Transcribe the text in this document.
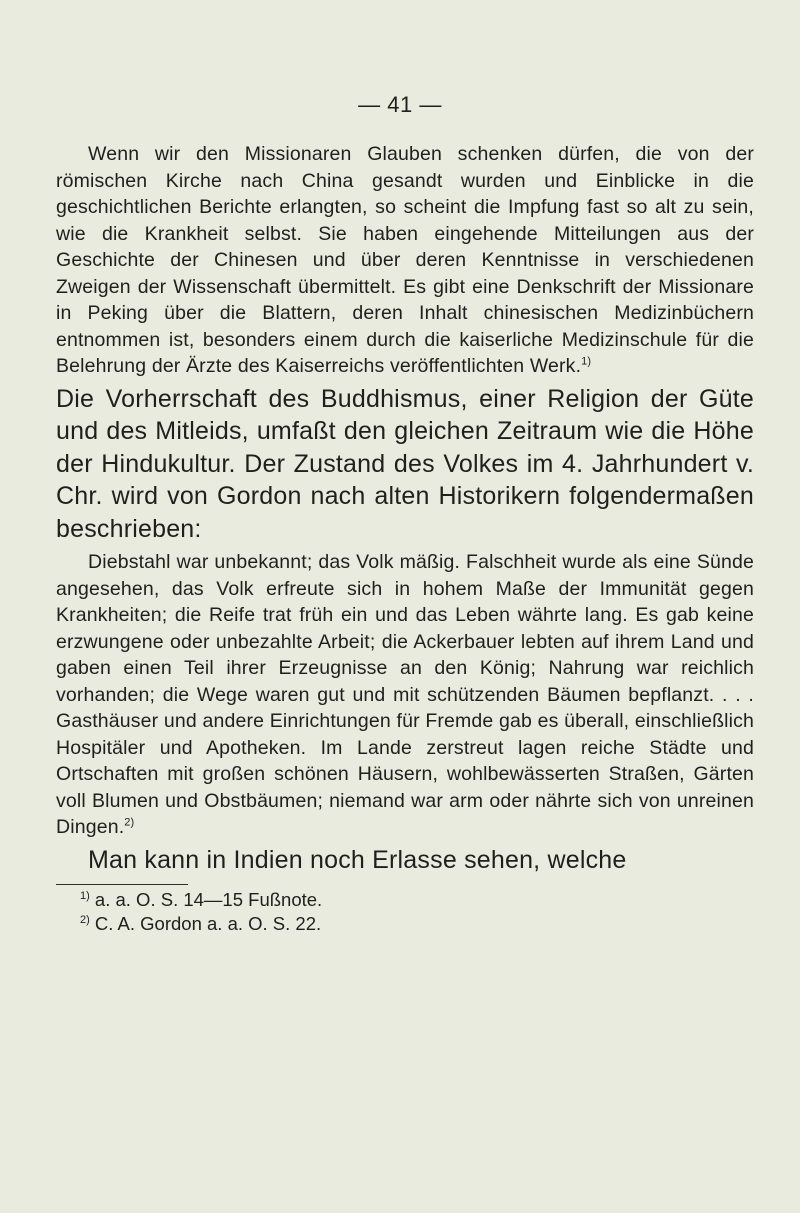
— 41 —

Wenn wir den Missionaren Glauben schenken dürfen, die von der römischen Kirche nach China gesandt wurden und Einblicke in die geschichtlichen Berichte erlangten, so scheint die Impfung fast so alt zu sein, wie die Krankheit selbst. Sie haben eingehende Mitteilungen aus der Geschichte der Chinesen und über deren Kenntnisse in verschiedenen Zweigen der Wissenschaft übermittelt. Es gibt eine Denkschrift der Missionare in Peking über die Blattern, deren Inhalt chinesischen Medizinbüchern entnommen ist, besonders einem durch die kaiserliche Medizinschule für die Belehrung der Ärzte des Kaiserreichs veröffentlichten Werk.$^{1)}$

Die Vorherrschaft des Buddhismus, einer Religion der Güte und des Mitleids, umfaßt den gleichen Zeitraum wie die Höhe der Hindukultur. Der Zustand des Volkes im 4. Jahrhundert v. Chr. wird von Gordon nach alten Historikern folgendermaßen beschrieben:

Diebstahl war unbekannt; das Volk mäßig. Falschheit wurde als eine Sünde angesehen, das Volk erfreute sich in hohem Maße der Immunität gegen Krankheiten; die Reife trat früh ein und das Leben währte lang. Es gab keine erzwungene oder unbezahlte Arbeit; die Ackerbauer lebten auf ihrem Land und gaben einen Teil ihrer Erzeugnisse an den König; Nahrung war reichlich vorhanden; die Wege waren gut und mit schützenden Bäumen bepflanzt. . . . Gasthäuser und andere Einrichtungen für Fremde gab es überall, einschließlich Hospitäler und Apotheken. Im Lande zerstreut lagen reiche Städte und Ortschaften mit großen schönen Häusern, wohlbewässerten Straßen, Gärten voll Blumen und Obstbäumen; niemand war arm oder nährte sich von unreinen Dingen.$^{2)}$

Man kann in Indien noch Erlasse sehen, welche

$^{1)}$ a. a. O. S. 14—15 Fußnote.
$^{2)}$ C. A. Gordon a. a. O. S. 22.
